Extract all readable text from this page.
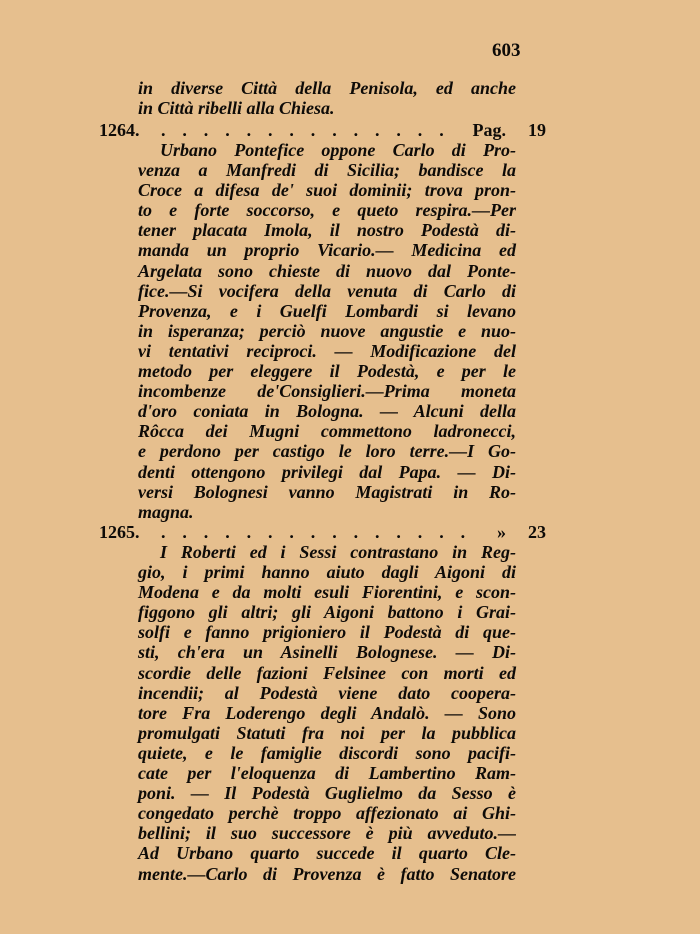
603
in diverse Città della Penisola, ed anche
in Città ribelli alla Chiesa.
1264. . . . . . . . . . . . . . . Pag. 19
Urbano Pontefice oppone Carlo di Pro-
venza a Manfredi di Sicilia; bandisce la
Croce a difesa de' suoi dominii; trova pron-
to e forte soccorso, e queto respira.—Per
tener placata Imola, il nostro Podestà di-
manda un proprio Vicario.— Medicina ed
Argelata sono chieste di nuovo dal Ponte-
fice.—Si vocifera della venuta di Carlo di
Provenza, e i Guelfi Lombardi si levano
in isperanza; perciò nuove angustie e nuo-
vi tentativi reciproci. — Modificazione del
metodo per eleggere il Podestà, e per le
incombenze de'Consiglieri.—Prima moneta
d'oro coniata in Bologna. — Alcuni della
Rôcca dei Mugni commettono ladronecci,
e perdono per castigo le loro terre.—I Go-
denti ottengono privilegi dal Papa. — Di-
versi Bolognesi vanno Magistrati in Ro-
magna.
1265. . . . . . . . . . . . . . . . » 23
I Roberti ed i Sessi contrastano in Reg-
gio, i primi hanno aiuto dagli Aigoni di
Modena e da molti esuli Fiorentini, e scon-
figgono gli altri; gli Aigoni battono i Grai-
solfi e fanno prigioniero il Podestà di que-
sti, ch'era un Asinelli Bolognese. — Di-
scordie delle fazioni Felsinee con morti ed
incendii; al Podestà viene dato coopera-
tore Fra Loderengo degli Andalò. — Sono
promulgati Statuti fra noi per la pubblica
quiete, e le famiglie discordi sono pacifi-
cate per l'eloquenza di Lambertino Ram-
poni. — Il Podestà Guglielmo da Sesso è
congedato perchè troppo affezionato ai Ghi-
bellini; il suo successore è più avveduto.—
Ad Urbano quarto succede il quarto Cle-
mente.—Carlo di Provenza è fatto Senatore
